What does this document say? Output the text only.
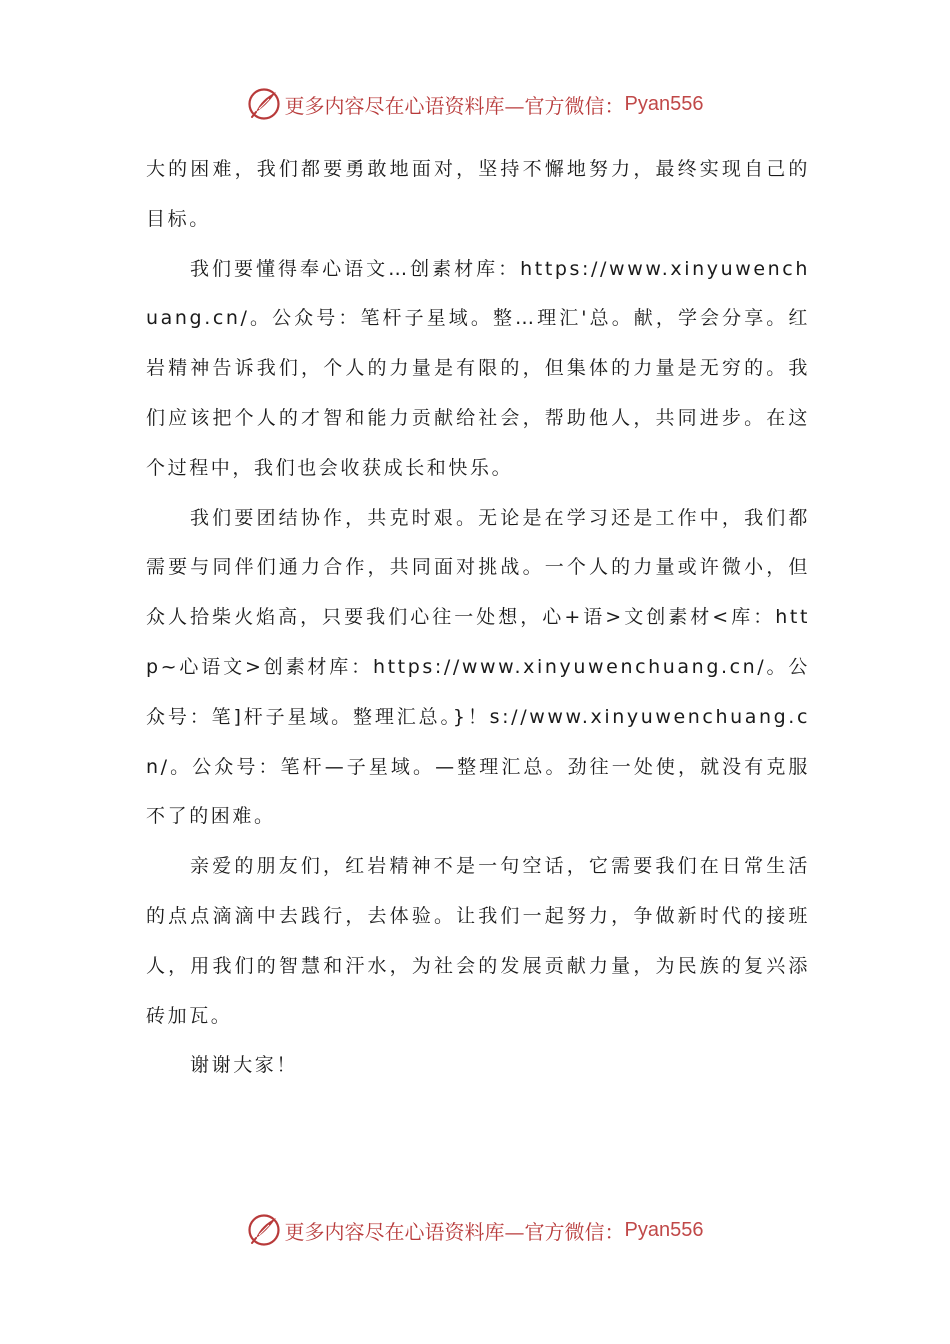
更多内容尽在心语资料库—官方微信： Pyan556

大的困难，我们都要勇敢地面对，坚持不懈地努力，最终实现自己的目标。

我们要懂得奉心语文…创素材库：https://www.xinyuwenchuang.cn/。公众号：笔杆子星域。整…理汇'总。献，学会分享。红岩精神告诉我们，个人的力量是有限的，但集体的力量是无穷的。我们应该把个人的才智和能力贡献给社会，帮助他人，共同进步。在这个过程中，我们也会收获成长和快乐。

我们要团结协作，共克时艰。无论是在学习还是工作中，我们都需要与同伴们通力合作，共同面对挑战。一个人的力量或许微小，但众人拾柴火焰高，只要我们心往一处想，心+语>文创素材<库：http~心语文>创素材库：https://www.xinyuwenchuang.cn/。公众号：笔]杆子星域。整理汇总。}！s://www.xinyuwenchuang.cn/。公众号：笔杆—子星域。—整理汇总。劲往一处使，就没有克服不了的困难。

亲爱的朋友们，红岩精神不是一句空话，它需要我们在日常生活的点点滴滴中去践行，去体验。让我们一起努力，争做新时代的接班人，用我们的智慧和汗水，为社会的发展贡献力量，为民族的复兴添砖加瓦。

谢谢大家！

更多内容尽在心语资料库—官方微信： Pyan556
